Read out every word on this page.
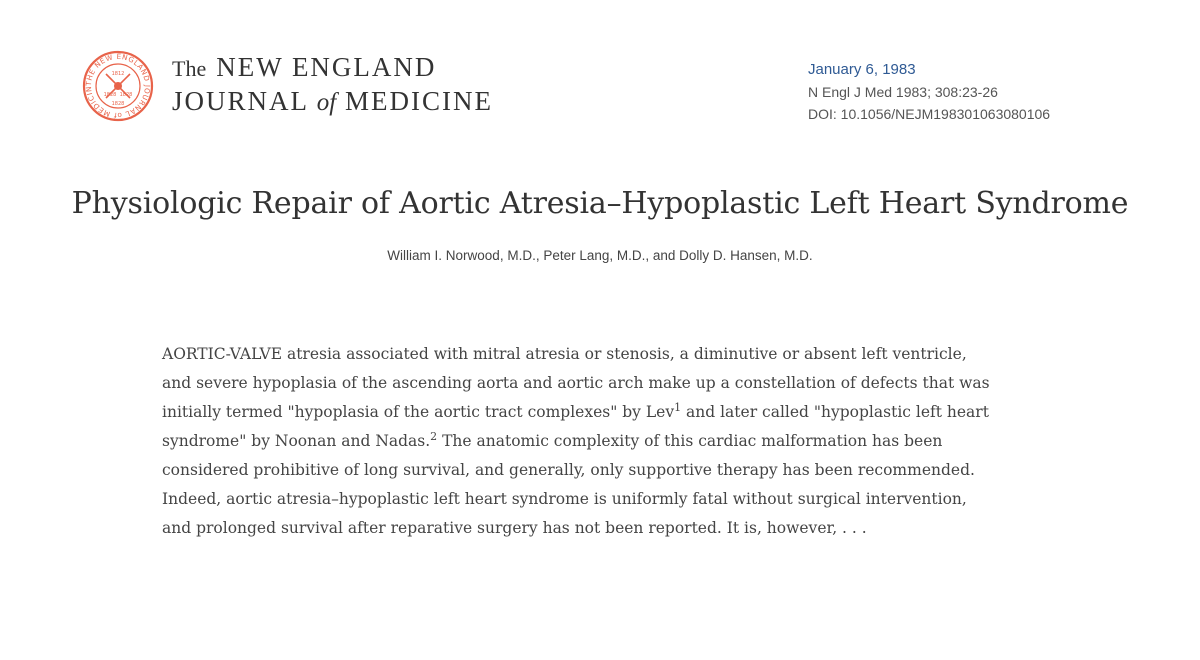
THE NEW ENGLAND JOURNAL of MEDICIN
1812
1828 1828
1828
The NEW ENGLAND
JOURNAL of MEDICINE
January 6, 1983
N Engl J Med 1983; 308:23-26
DOI: 10.1056/NEJM198301063080106
Physiologic Repair of Aortic Atresia–Hypoplastic Left Heart Syndrome
William I. Norwood, M.D., Peter Lang, M.D., and Dolly D. Hansen, M.D.
AORTIC-VALVE atresia associated with mitral atresia or stenosis, a diminutive or absent left ventricle,
and severe hypoplasia of the ascending aorta and aortic arch make up a constellation of defects that was
initially termed "hypoplasia of the aortic tract complexes" by Lev$^1$ and later called "hypoplastic left heart
syndrome" by Noonan and Nadas.$^2$ The anatomic complexity of this cardiac malformation has been
considered prohibitive of long survival, and generally, only supportive therapy has been recommended.
Indeed, aortic atresia–hypoplastic left heart syndrome is uniformly fatal without surgical intervention,
and prolonged survival after reparative surgery has not been reported. It is, however, . . .
